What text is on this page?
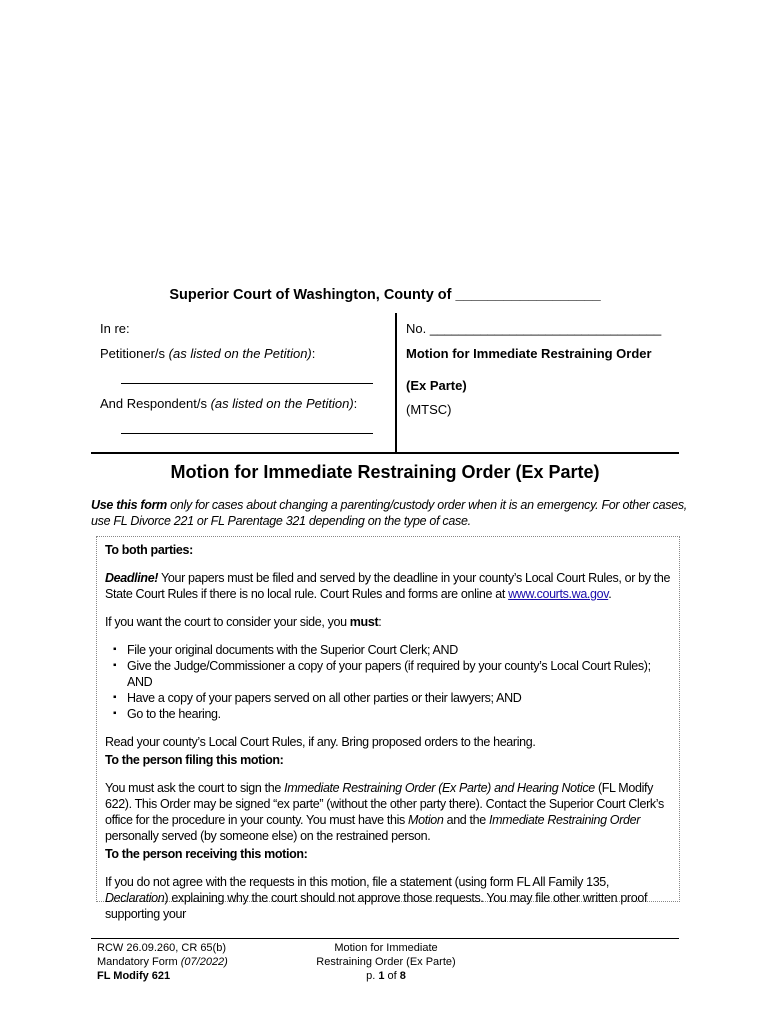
Superior Court of Washington, County of __________________
In re:
Petitioner/s (as listed on the Petition):
And Respondent/s (as listed on the Petition):
No. ________________________________
Motion for Immediate Restraining Order
(Ex Parte)
(MTSC)
Motion for Immediate Restraining Order (Ex Parte)
Use this form only for cases about changing a parenting/custody order when it is an emergency. For other cases, use FL Divorce 221 or FL Parentage 321 depending on the type of case.

To both parties:

Deadline! Your papers must be filed and served by the deadline in your county’s Local Court Rules, or by the State Court Rules if there is no local rule. Court Rules and forms are online at www.courts.wa.gov.

If you want the court to consider your side, you must:

▪ File your original documents with the Superior Court Clerk; AND
▪ Give the Judge/Commissioner a copy of your papers (if required by your county’s Local Court Rules); AND
▪ Have a copy of your papers served on all other parties or their lawyers; AND
▪ Go to the hearing.

Read your county’s Local Court Rules, if any. Bring proposed orders to the hearing.

To the person filing this motion:

You must ask the court to sign the Immediate Restraining Order (Ex Parte) and Hearing Notice (FL Modify 622). This Order may be signed “ex parte” (without the other party there). Contact the Superior Court Clerk’s office for the procedure in your county. You must have this Motion and the Immediate Restraining Order personally served (by someone else) on the restrained person.

To the person receiving this motion:

If you do not agree with the requests in this motion, file a statement (using form FL All Family 135, Declaration) explaining why the court should not approve those requests. You may file other written proof supporting your

RCW 26.09.260, CR 65(b)
Mandatory Form (07/2022)
FL Modify 621
Motion for Immediate
Restraining Order (Ex Parte)
p. 1 of 8
